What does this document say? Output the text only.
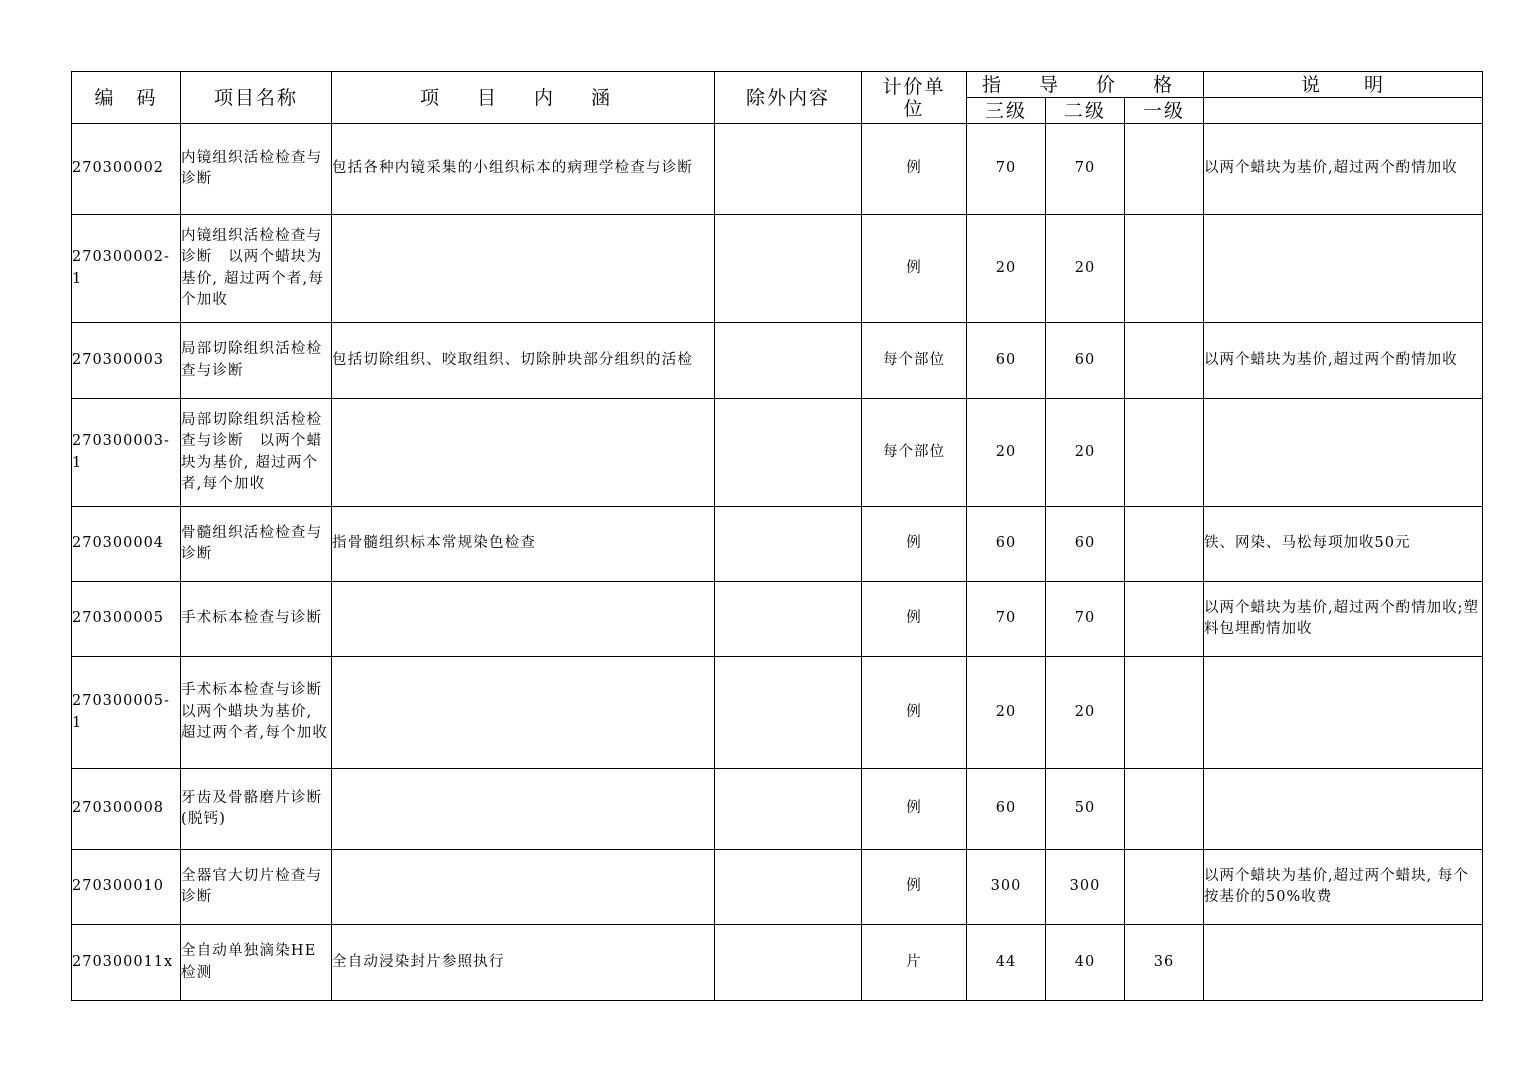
编　码	项目名称	项 目 内 涵	除外内容	计价单位	指 导 价 格			说　　明
					三级	二级	一级	
270300002	内镜组织活检检查与诊断	包括各种内镜采集的小组织标本的病理学检查与诊断		例	70	70		以两个蜡块为基价,超过两个酌情加收
270300002-1	内镜组织活检检查与诊断　以两个蜡块为基价, 超过两个者,每个加收			例	20	20		
270300003	局部切除组织活检检查与诊断	包括切除组织、咬取组织、切除肿块部分组织的活检		每个部位	60	60		以两个蜡块为基价,超过两个酌情加收
270300003-1	局部切除组织活检检查与诊断　以两个蜡块为基价, 超过两个者,每个加收			每个部位	20	20		
270300004	骨髓组织活检检查与诊断	指骨髓组织标本常规染色检查		例	60	60		铁、网染、马松每项加收50元
270300005	手术标本检查与诊断			例	70	70		以两个蜡块为基价,超过两个酌情加收;塑料包埋酌情加收
270300005-1	手术标本检查与诊断 以两个蜡块为基价, 超过两个者,每个加收			例	20	20		
270300008	牙齿及骨骼磨片诊断(脱钙)			例	60	50		
270300010	全器官大切片检查与诊断			例	300	300		以两个蜡块为基价,超过两个蜡块, 每个按基价的50%收费
270300011x	全自动单独滴染HE检测	全自动浸染封片参照执行		片	44	40	36	
